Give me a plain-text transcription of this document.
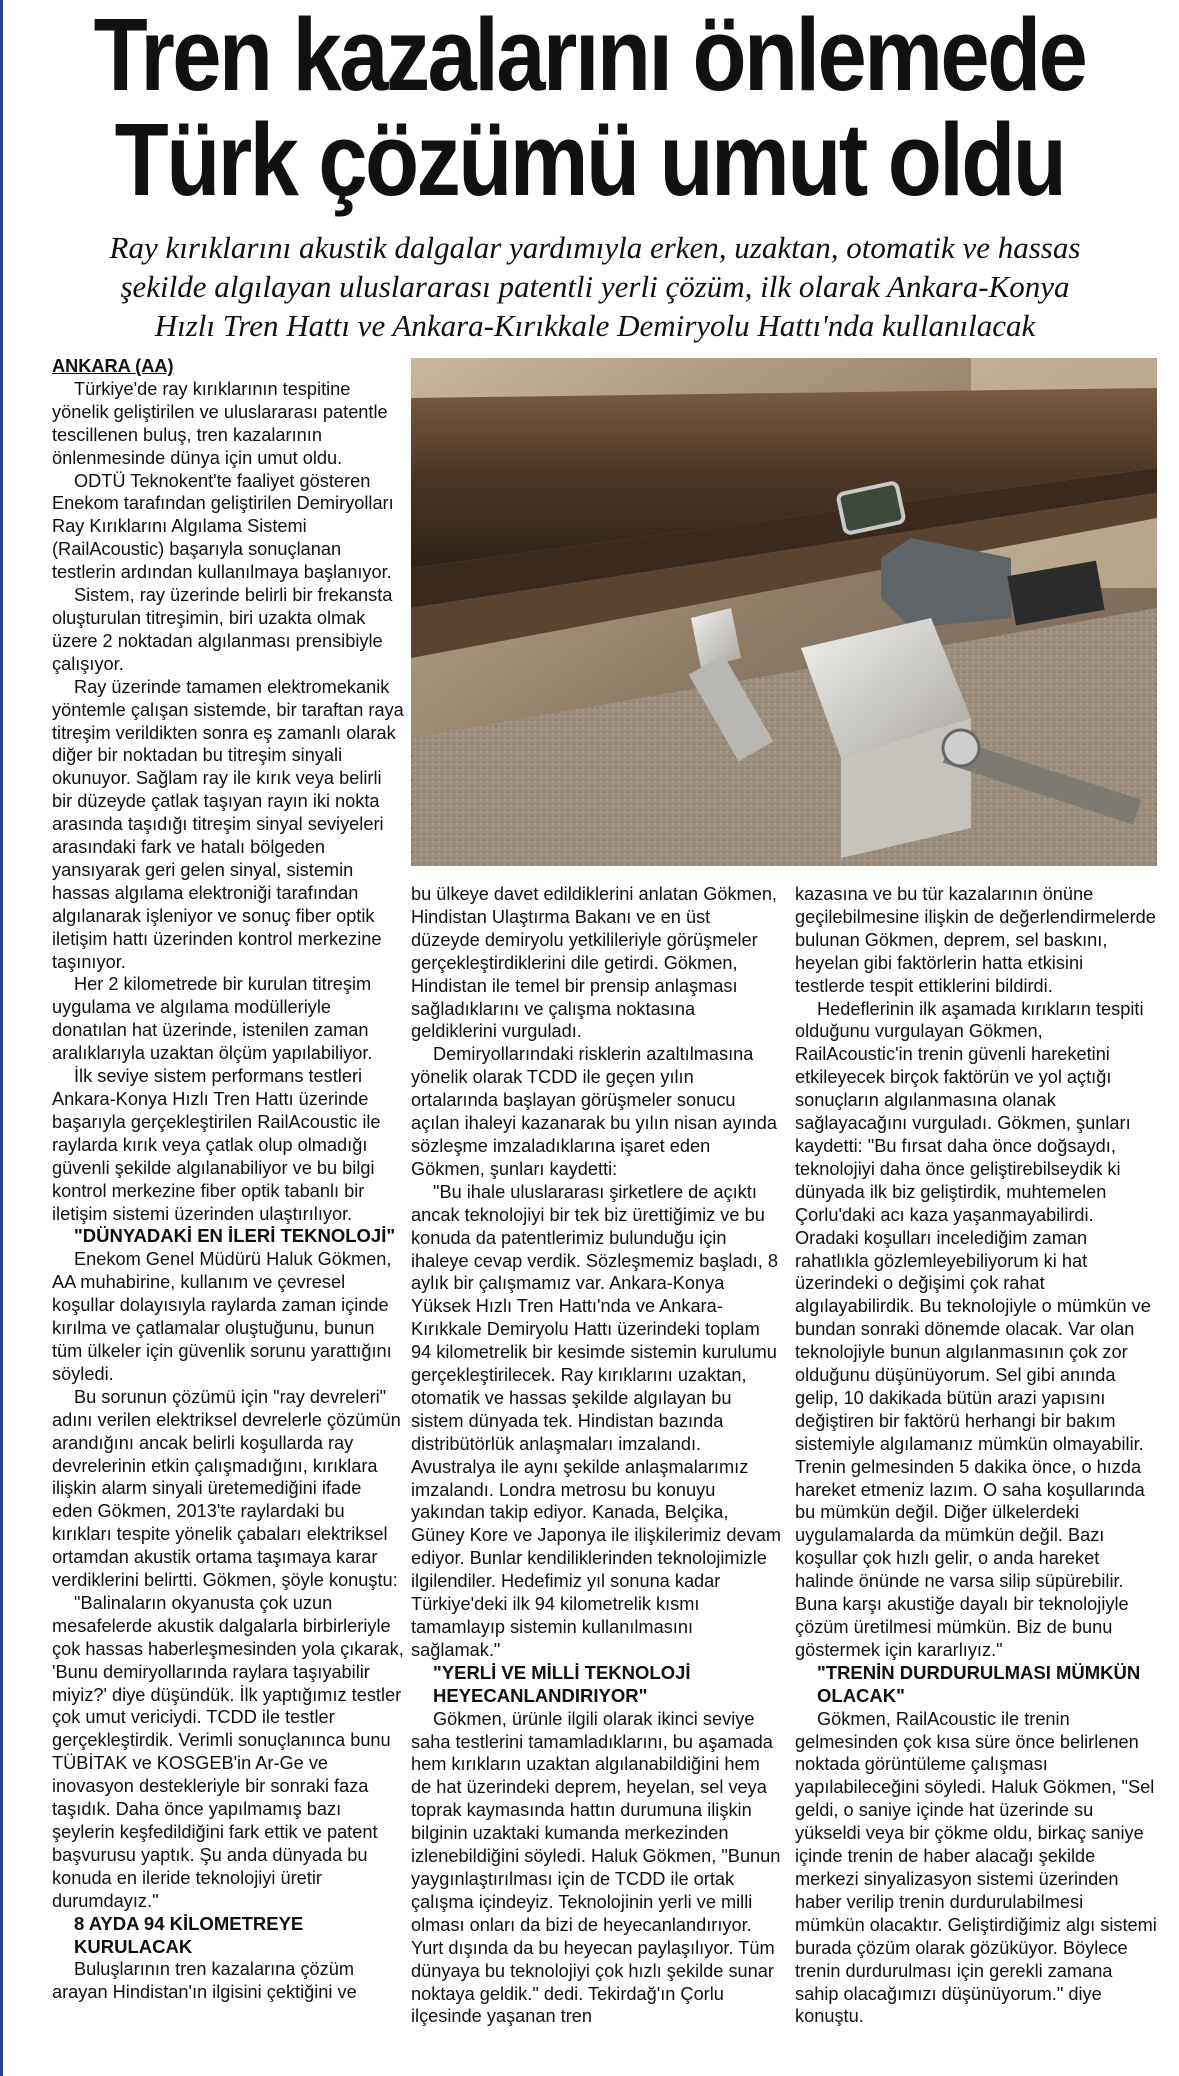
Tren kazalarını önlemede
Türk çözümü umut oldu

Ray kırıklarını akustik dalgalar yardımıyla erken, uzaktan, otomatik ve hassas
şekilde algılayan uluslararası patentli yerli çözüm, ilk olarak Ankara-Konya
Hızlı Tren Hattı ve Ankara-Kırıkkale Demiryolu Hattı'nda kullanılacak

ANKARA (AA)

Türkiye'de ray kırıklarının tespitine yönelik geliştirilen ve uluslararası patentle tescillenen buluş, tren kazalarının önlenmesinde dünya için umut oldu.

ODTÜ Teknokent'te faaliyet gösteren Enekom tarafından geliştirilen Demiryolları Ray Kırıklarını Algılama Sistemi (RailAcoustic) başarıyla sonuçlanan testlerin ardından kullanılmaya başlanıyor.

Sistem, ray üzerinde belirli bir frekansta oluşturulan titreşimin, biri uzakta olmak üzere 2 noktadan algılanması prensibiyle çalışıyor.

Ray üzerinde tamamen elektromekanik yöntemle çalışan sistemde, bir taraftan raya titreşim verildikten sonra eş zamanlı olarak diğer bir noktadan bu titreşim sinyali okunuyor. Sağlam ray ile kırık veya belirli bir düzeyde çatlak taşıyan rayın iki nokta arasında taşıdığı titreşim sinyal seviyeleri arasındaki fark ve hatalı bölgeden yansıyarak geri gelen sinyal, sistemin hassas algılama elektroniği tarafından algılanarak işleniyor ve sonuç fiber optik iletişim hattı üzerinden kontrol merkezine taşınıyor.

Her 2 kilometrede bir kurulan titreşim uygulama ve algılama modülleriyle donatılan hat üzerinde, istenilen zaman aralıklarıyla uzaktan ölçüm yapılabiliyor.

İlk seviye sistem performans testleri Ankara-Konya Hızlı Tren Hattı üzerinde başarıyla gerçekleştirilen RailAcoustic ile raylarda kırık veya çatlak olup olmadığı güvenli şekilde algılanabiliyor ve bu bilgi kontrol merkezine fiber optik tabanlı bir iletişim sistemi üzerinden ulaştırılıyor.

"DÜNYADAKİ EN İLERİ TEKNOLOJİ"

Enekom Genel Müdürü Haluk Gökmen, AA muhabirine, kullanım ve çevresel koşullar dolayısıyla raylarda zaman içinde kırılma ve çatlamalar oluştuğunu, bunun tüm ülkeler için güvenlik sorunu yarattığını söyledi.

Bu sorunun çözümü için "ray devreleri" adını verilen elektriksel devrelerle çözümün arandığını ancak belirli koşullarda ray devrelerinin etkin çalışmadığını, kırıklara ilişkin alarm sinyali üretemediğini ifade eden Gökmen, 2013'te raylardaki bu kırıkları tespite yönelik çabaları elektriksel ortamdan akustik ortama taşımaya karar verdiklerini belirtti. Gökmen, şöyle konuştu:

"Balinaların okyanusta çok uzun mesafelerde akustik dalgalarla birbirleriyle çok hassas haberleşmesinden yola çıkarak, 'Bunu demiryollarında raylara taşıyabilir miyiz?' diye düşündük. İlk yaptığımız testler çok umut vericiydi. TCDD ile testler gerçekleştirdik. Verimli sonuçlanınca bunu TÜBİTAK ve KOSGEB'in Ar-Ge ve inovasyon destekleriyle bir sonraki faza taşıdık. Daha önce yapılmamış bazı şeylerin keşfedildiğini fark ettik ve patent başvurusu yaptık. Şu anda dünyada bu konuda en ileride teknolojiyi üretir durumdayız."

8 AYDA 94 KİLOMETREYE KURULACAK

Buluşlarının tren kazalarına çözüm arayan Hindistan'ın ilgisini çektiğini ve

bu ülkeye davet edildiklerini anlatan Gökmen, Hindistan Ulaştırma Bakanı ve en üst düzeyde demiryolu yetkilileriyle görüşmeler gerçekleştirdiklerini dile getirdi. Gökmen, Hindistan ile temel bir prensip anlaşması sağladıklarını ve çalışma noktasına geldiklerini vurguladı.

Demiryollarındaki risklerin azaltılmasına yönelik olarak TCDD ile geçen yılın ortalarında başlayan görüşmeler sonucu açılan ihaleyi kazanarak bu yılın nisan ayında sözleşme imzaladıklarına işaret eden Gökmen, şunları kaydetti:

"Bu ihale uluslararası şirketlere de açıktı ancak teknolojiyi bir tek biz ürettiğimiz ve bu konuda da patentlerimiz bulunduğu için ihaleye cevap verdik. Sözleşmemiz başladı, 8 aylık bir çalışmamız var. Ankara-Konya Yüksek Hızlı Tren Hattı'nda ve Ankara-Kırıkkale Demiryolu Hattı üzerindeki toplam 94 kilometrelik bir kesimde sistemin kurulumu gerçekleştirilecek. Ray kırıklarını uzaktan, otomatik ve hassas şekilde algılayan bu sistem dünyada tek. Hindistan bazında distribütörlük anlaşmaları imzalandı. Avustralya ile aynı şekilde anlaşmalarımız imzalandı. Londra metrosu bu konuyu yakından takip ediyor. Kanada, Belçika, Güney Kore ve Japonya ile ilişkilerimiz devam ediyor. Bunlar kendiliklerinden teknolojimizle ilgilendiler. Hedefimiz yıl sonuna kadar Türkiye'deki ilk 94 kilometrelik kısmı tamamlayıp sistemin kullanılmasını sağlamak."

"YERLİ VE MİLLİ TEKNOLOJİ HEYECANLANDIRIYOR"

Gökmen, ürünle ilgili olarak ikinci seviye saha testlerini tamamladıklarını, bu aşamada hem kırıkların uzaktan algılanabildiğini hem de hat üzerindeki deprem, heyelan, sel veya toprak kaymasında hattın durumuna ilişkin bilginin uzaktaki kumanda merkezinden izlenebildiğini söyledi. Haluk Gökmen, "Bunun yaygınlaştırılması için de TCDD ile ortak çalışma içindeyiz. Teknolojinin yerli ve milli olması onları da bizi de heyecanlandırıyor. Yurt dışında da bu heyecan paylaşılıyor. Tüm dünyaya bu teknolojiyi çok hızlı şekilde sunar noktaya geldik." dedi. Tekirdağ'ın Çorlu ilçesinde yaşanan tren

kazasına ve bu tür kazalarının önüne geçilebilmesine ilişkin de değerlendirmelerde bulunan Gökmen, deprem, sel baskını, heyelan gibi faktörlerin hatta etkisini testlerde tespit ettiklerini bildirdi.

Hedeflerinin ilk aşamada kırıkların tespiti olduğunu vurgulayan Gökmen, RailAcoustic'in trenin güvenli hareketini etkileyecek birçok faktörün ve yol açtığı sonuçların algılanmasına olanak sağlayacağını vurguladı. Gökmen, şunları kaydetti: "Bu fırsat daha önce doğsaydı, teknolojiyi daha önce geliştirebilseydik ki dünyada ilk biz geliştirdik, muhtemelen Çorlu'daki acı kaza yaşanmayabilirdi. Oradaki koşulları incelediğim zaman rahatlıkla gözlemleyebiliyorum ki hat üzerindeki o değişimi çok rahat algılayabilirdik. Bu teknolojiyle o mümkün ve bundan sonraki dönemde olacak. Var olan teknolojiyle bunun algılanmasının çok zor olduğunu düşünüyorum. Sel gibi anında gelip, 10 dakikada bütün arazi yapısını değiştiren bir faktörü herhangi bir bakım sistemiyle algılamanız mümkün olmayabilir. Trenin gelmesinden 5 dakika önce, o hızda hareket etmeniz lazım. O saha koşullarında bu mümkün değil. Diğer ülkelerdeki uygulamalarda da mümkün değil. Bazı koşullar çok hızlı gelir, o anda hareket halinde önünde ne varsa silip süpürebilir. Buna karşı akustiğe dayalı bir teknolojiyle çözüm üretilmesi mümkün. Biz de bunu göstermek için kararlıyız."

"TRENİN DURDURULMASI MÜMKÜN OLACAK"

Gökmen, RailAcoustic ile trenin gelmesinden çok kısa süre önce belirlenen noktada görüntüleme çalışması yapılabileceğini söyledi. Haluk Gökmen, "Sel geldi, o saniye içinde hat üzerinde su yükseldi veya bir çökme oldu, birkaç saniye içinde trenin de haber alacağı şekilde merkezi sinyalizasyon sistemi üzerinden haber verilip trenin durdurulabilmesi mümkün olacaktır. Geliştirdiğimiz algı sistemi burada çözüm olarak gözüküyor. Böylece trenin durdurulması için gerekli zamana sahip olacağımızı düşünüyorum." diye konuştu.
